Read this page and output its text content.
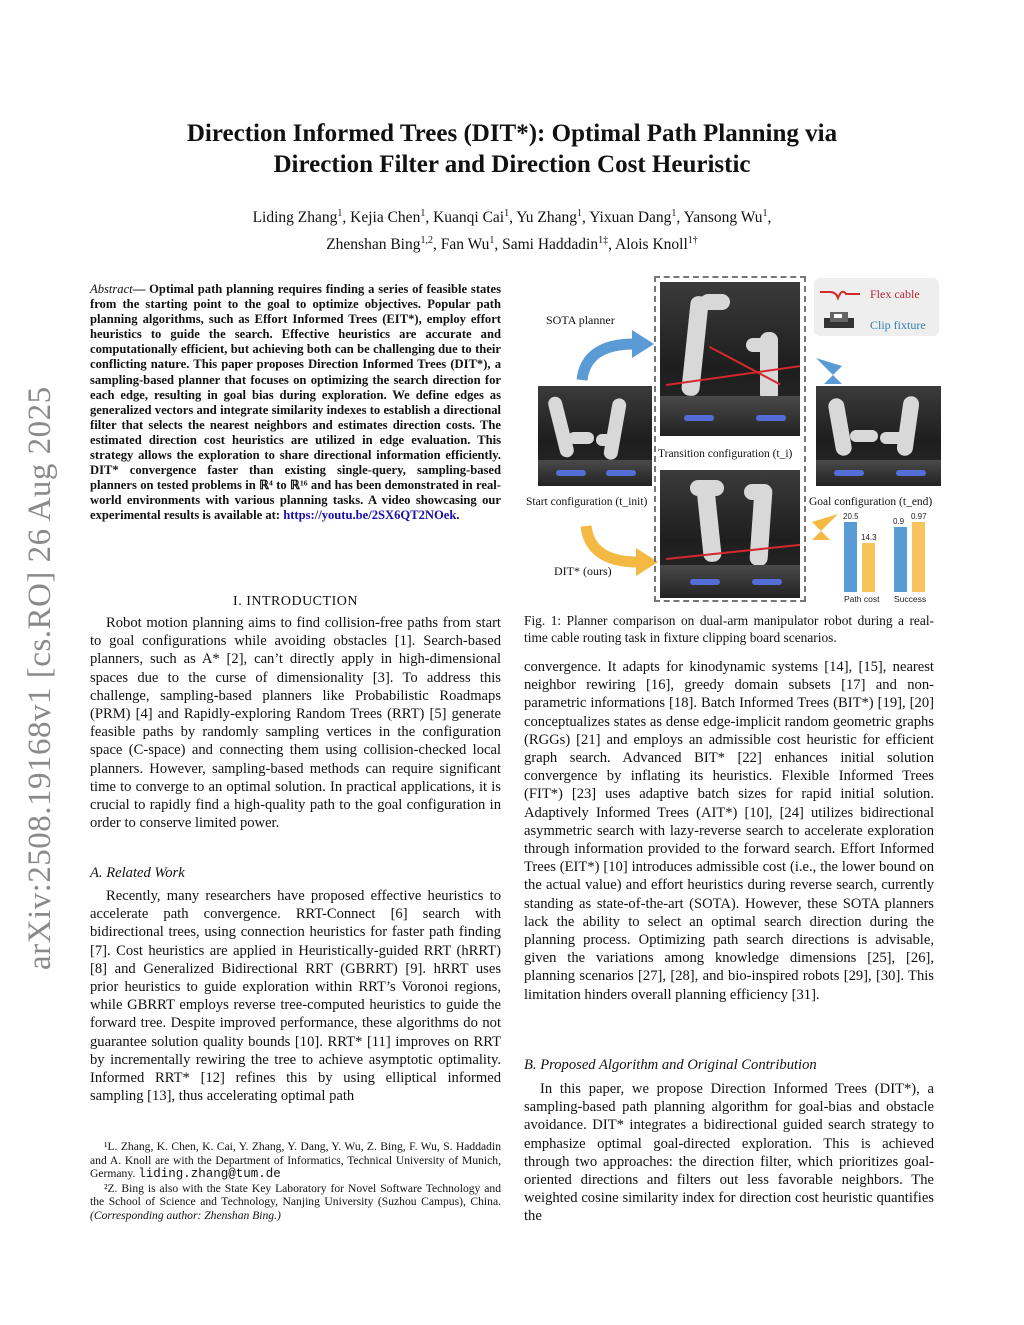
arXiv:2508.19168v1 [cs.RO] 26 Aug 2025
Direction Informed Trees (DIT*): Optimal Path Planning via
Direction Filter and Direction Cost Heuristic
Liding Zhang$^1$, Kejia Chen$^1$, Kuanqi Cai$^1$, Yu Zhang$^1$, Yixuan Dang$^1$, Yansong Wu$^1$,
Zhenshan Bing$^{1,2}$, Fan Wu$^1$, Sami Haddadin$^{1\ddagger}$, Alois Knoll$^{1\dagger}$
Abstract— Optimal path planning requires finding a series of feasible states from the starting point to the goal to optimize objectives. Popular path planning algorithms, such as Effort Informed Trees (EIT*), employ effort heuristics to guide the search. Effective heuristics are accurate and computationally efficient, but achieving both can be challenging due to their conflicting nature. This paper proposes Direction Informed Trees (DIT*), a sampling-based planner that focuses on optimizing the search direction for each edge, resulting in goal bias during exploration. We define edges as generalized vectors and integrate similarity indexes to establish a directional filter that selects the nearest neighbors and estimates direction costs. The estimated direction cost heuristics are utilized in edge evaluation. This strategy allows the exploration to share directional information efficiently. DIT* convergence faster than existing single-query, sampling-based planners on tested problems in ℝ⁴ to ℝ¹⁶ and has been demonstrated in real-world environments with various planning tasks. A video showcasing our experimental results is available at: https://youtu.be/2SX6QT2NOek.
I. INTRODUCTION

Robot motion planning aims to find collision-free paths from start to goal configurations while avoiding obstacles [1]. Search-based planners, such as A* [2], can’t directly apply in high-dimensional spaces due to the curse of dimensionality [3]. To address this challenge, sampling-based planners like Probabilistic Roadmaps (PRM) [4] and Rapidly-exploring Random Trees (RRT) [5] generate feasible paths by randomly sampling vertices in the configuration space (C-space) and connecting them using collision-checked local planners. However, sampling-based methods can require significant time to converge to an optimal solution. In practical applications, it is crucial to rapidly find a high-quality path to the goal configuration in order to conserve limited power.

A. Related Work

Recently, many researchers have proposed effective heuristics to accelerate path convergence. RRT-Connect [6] search with bidirectional trees, using connection heuristics for faster path finding [7]. Cost heuristics are applied in Heuristically-guided RRT (hRRT) [8] and Generalized Bidirectional RRT (GBRRT) [9]. hRRT uses prior heuristics to guide exploration within RRT’s Voronoi regions, while GBRRT employs reverse tree-computed heuristics to guide the forward tree. Despite improved performance, these algorithms do not guarantee solution quality bounds [10]. RRT* [11] improves on RRT by incrementally rewiring the tree to achieve asymptotic optimality. Informed RRT* [12] refines this by using elliptical informed sampling [13], thus accelerating optimal path

¹L. Zhang, K. Chen, K. Cai, Y. Zhang, Y. Dang, Y. Wu, Z. Bing, F. Wu, S. Haddadin and A. Knoll are with the Department of Informatics, Technical University of Munich, Germany. liding.zhang@tum.de

²Z. Bing is also with the State Key Laboratory for Novel Software Technology and the School of Science and Technology, Nanjing University (Suzhou Campus), China. (Corresponding author: Zhenshan Bing.)

SOTA planner
Start configuration (t_init)
DIT* (ours)
Transition configuration (t_i)
Flex cable
Clip fixture
Goal configuration (t_end)
20.5
14.3
0.9
0.97
Path cost Success
Fig. 1: Planner comparison on dual-arm manipulator robot during a real-time cable routing task in fixture clipping board scenarios.

convergence. It adapts for kinodynamic systems [14], [15], nearest neighbor rewiring [16], greedy domain subsets [17] and non-parametric informations [18]. Batch Informed Trees (BIT*) [19], [20] conceptualizes states as dense edge-implicit random geometric graphs (RGGs) [21] and employs an admissible cost heuristic for efficient graph search. Advanced BIT* [22] enhances initial solution convergence by inflating its heuristics. Flexible Informed Trees (FIT*) [23] uses adaptive batch sizes for rapid initial solution. Adaptively Informed Trees (AIT*) [10], [24] utilizes bidirectional asymmetric search with lazy-reverse search to accelerate exploration through information provided to the forward search. Effort Informed Trees (EIT*) [10] introduces admissible cost (i.e., the lower bound on the actual value) and effort heuristics during reverse search, currently standing as state-of-the-art (SOTA). However, these SOTA planners lack the ability to select an optimal search direction during the planning process. Optimizing path search directions is advisable, given the variations among knowledge dimensions [25], [26], planning scenarios [27], [28], and bio-inspired robots [29], [30]. This limitation hinders overall planning efficiency [31].

B. Proposed Algorithm and Original Contribution

In this paper, we propose Direction Informed Trees (DIT*), a sampling-based path planning algorithm for goal-bias and obstacle avoidance. DIT* integrates a bidirectional guided search strategy to emphasize optimal goal-directed exploration. This is achieved through two approaches: the direction filter, which prioritizes goal-oriented directions and filters out less favorable neighbors. The weighted cosine similarity index for direction cost heuristic quantifies the
